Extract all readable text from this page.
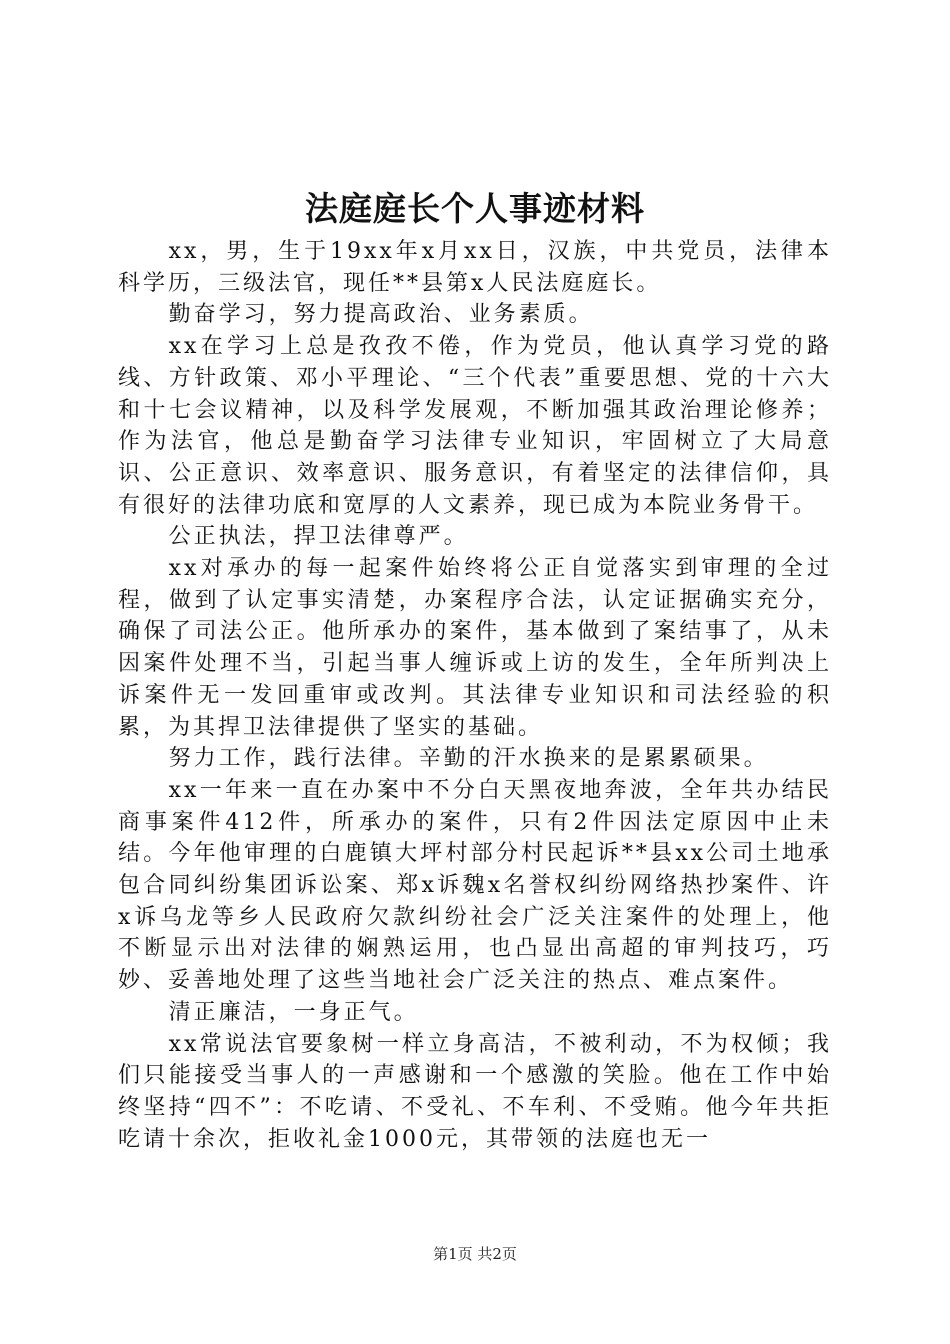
法庭庭长个人事迹材料

xx，男，生于19xx年x月xx日，汉族，中共党员，法律本科学历，三级法官，现任**县第x人民法庭庭长。

勤奋学习，努力提高政治、业务素质。

xx在学习上总是孜孜不倦，作为党员，他认真学习党的路线、方针政策、邓小平理论、“三个代表”重要思想、党的十六大和十七会议精神，以及科学发展观，不断加强其政治理论修养；作为法官，他总是勤奋学习法律专业知识，牢固树立了大局意识、公正意识、效率意识、服务意识，有着坚定的法律信仰，具有很好的法律功底和宽厚的人文素养，现已成为本院业务骨干。

公正执法，捍卫法律尊严。

xx对承办的每一起案件始终将公正自觉落实到审理的全过程，做到了认定事实清楚，办案程序合法，认定证据确实充分，确保了司法公正。他所承办的案件，基本做到了案结事了，从未因案件处理不当，引起当事人缠诉或上访的发生，全年所判决上诉案件无一发回重审或改判。其法律专业知识和司法经验的积累，为其捍卫法律提供了坚实的基础。

努力工作，践行法律。辛勤的汗水换来的是累累硕果。

xx一年来一直在办案中不分白天黑夜地奔波，全年共办结民商事案件412件，所承办的案件，只有2件因法定原因中止未结。今年他审理的白鹿镇大坪村部分村民起诉**县xx公司土地承包合同纠纷集团诉讼案、郑x诉魏x名誉权纠纷网络热抄案件、许x诉乌龙等乡人民政府欠款纠纷社会广泛关注案件的处理上，他不断显示出对法律的娴熟运用，也凸显出高超的审判技巧，巧妙、妥善地处理了这些当地社会广泛关注的热点、难点案件。

清正廉洁，一身正气。

xx常说法官要象树一样立身高洁，不被利动，不为权倾；我们只能接受当事人的一声感谢和一个感激的笑脸。他在工作中始终坚持“四不”：不吃请、不受礼、不车利、不受贿。他今年共拒吃请十余次，拒收礼金1000元，其带领的法庭也无一

第1页 共2页
